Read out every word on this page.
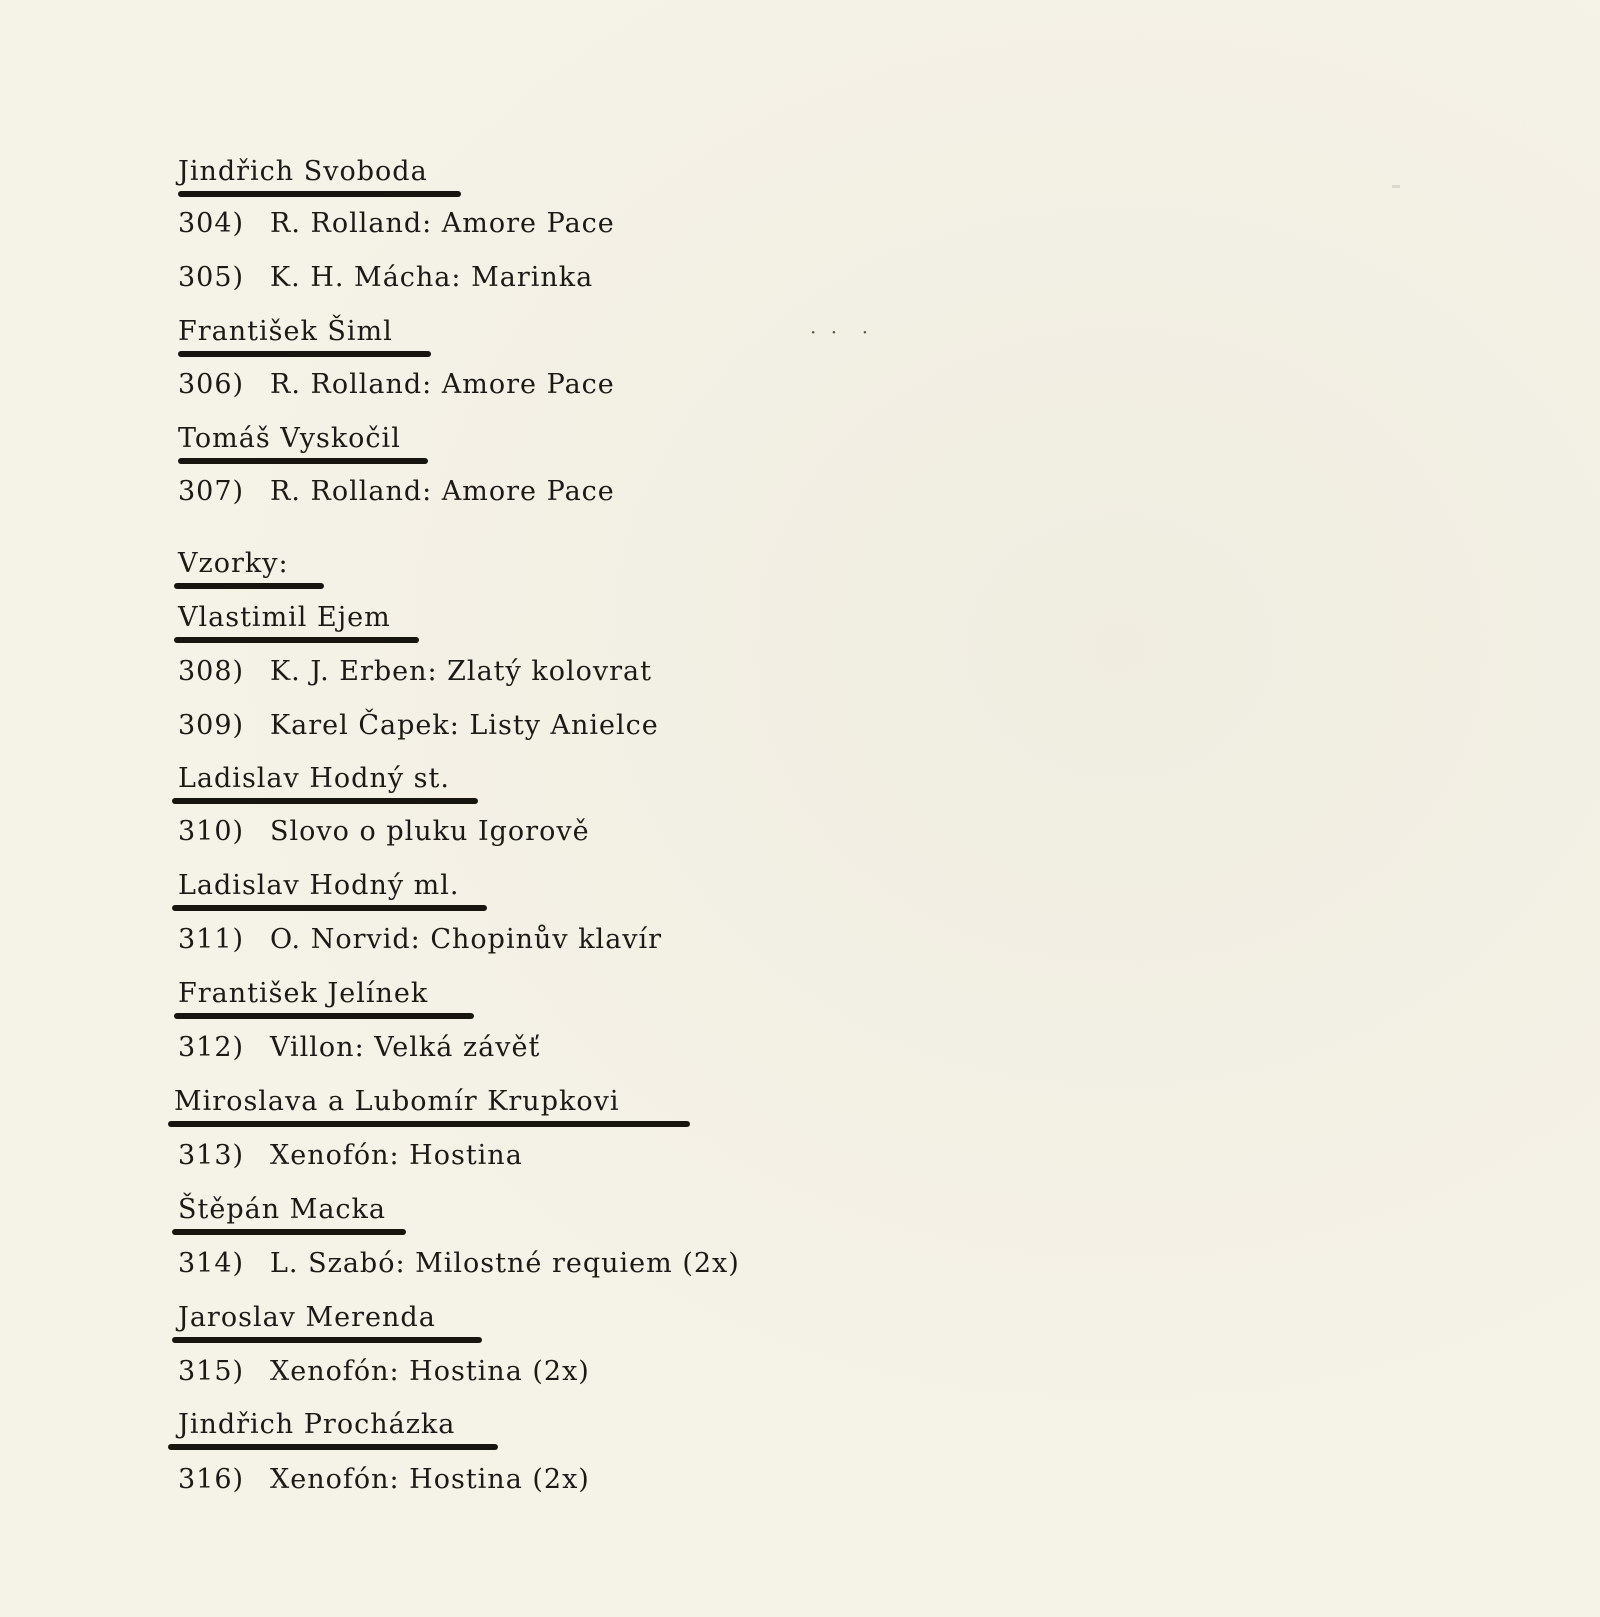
· ·  ·
Jindřich Svoboda
304) R. Rolland: Amore Pace
305) K. H. Mácha: Marinka
František Šiml
306) R. Rolland: Amore Pace
Tomáš Vyskočil
307) R. Rolland: Amore Pace
Vzorky:
Vlastimil Ejem
308) K. J. Erben: Zlatý kolovrat
309) Karel Čapek: Listy Anielce
Ladislav Hodný st.
310) Slovo o pluku Igorově
Ladislav Hodný ml.
311) O. Norvid: Chopinův klavír
František Jelínek
312) Villon: Velká závěť
Miroslava a Lubomír Krupkovi
313) Xenofón: Hostina
Štěpán Macka
314) L. Szabó: Milostné requiem (2x)
Jaroslav Merenda
315) Xenofón: Hostina (2x)
Jindřich Procházka
316) Xenofón: Hostina (2x)
